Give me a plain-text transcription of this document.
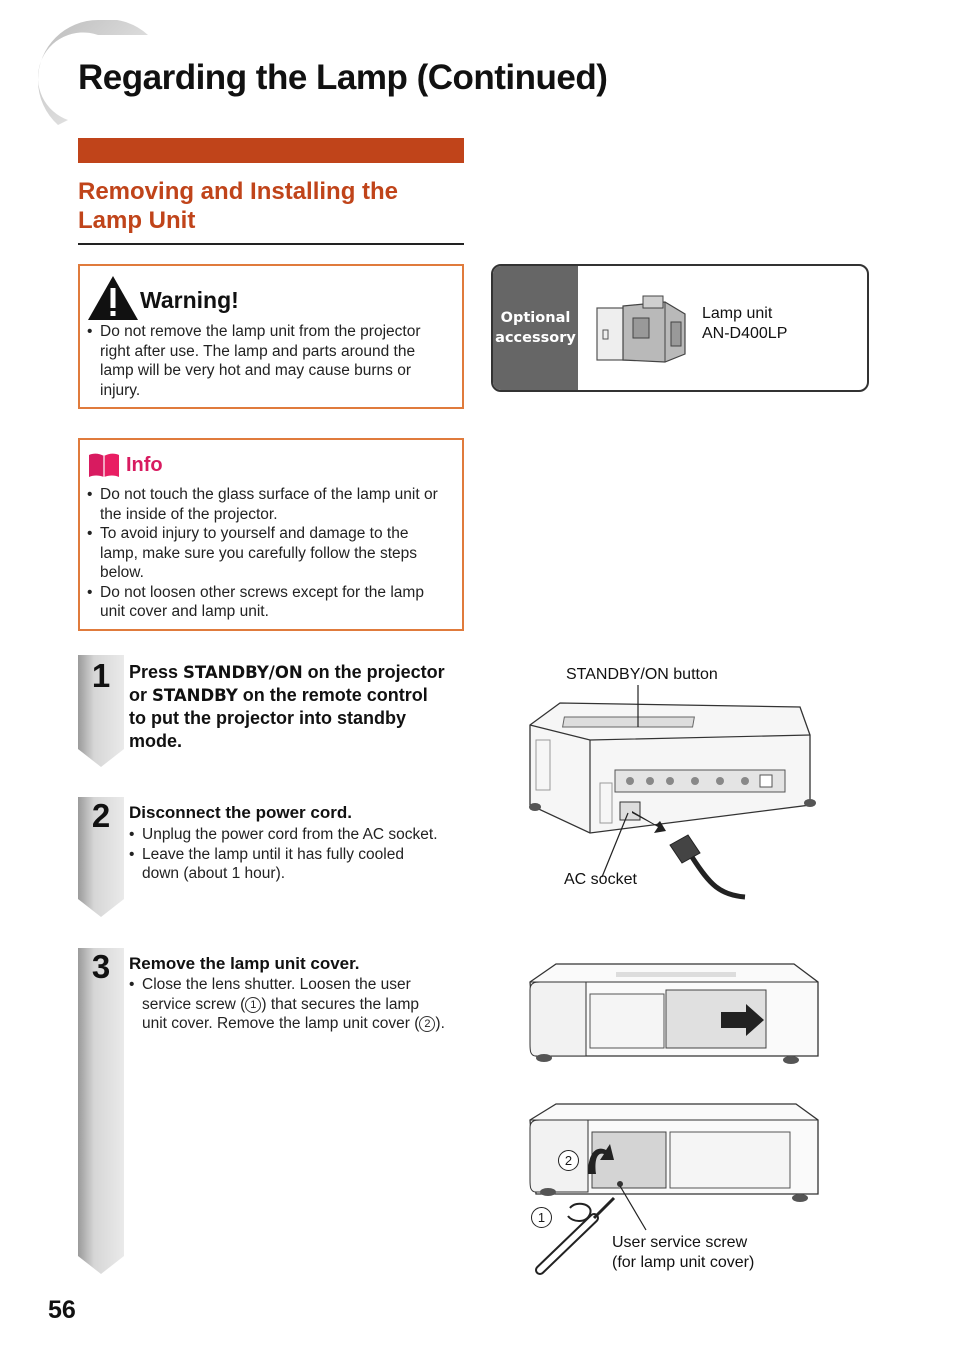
Regarding the Lamp (Continued)
Removing and Installing the
Lamp Unit
Warning!
• Do not remove the lamp unit from the projector right after use. The lamp and parts around the lamp will be very hot and may cause burns or injury.
Info
• Do not touch the glass surface of the lamp unit or the inside of the projector.
• To avoid injury to yourself and damage to the lamp, make sure you carefully follow the steps below.
• Do not loosen other screws except for the lamp unit cover and lamp unit.
Optional
accessory
Lamp unit
AN-D400LP
1
2
3

Press STANDBY/ON on the projector or STANDBY on the remote control to put the projector into standby mode.

Disconnect the power cord.

• Unplug the power cord from the AC socket.
• Leave the lamp until it has fully cooled down (about 1 hour).

Remove the lamp unit cover.

• Close the lens shutter. Loosen the user service screw ( 1 ) that secures the lamp unit cover. Remove the lamp unit cover ( 2 ).
STANDBY/ON button
AC socket
2
1
User service screw
(for lamp unit cover)
56
